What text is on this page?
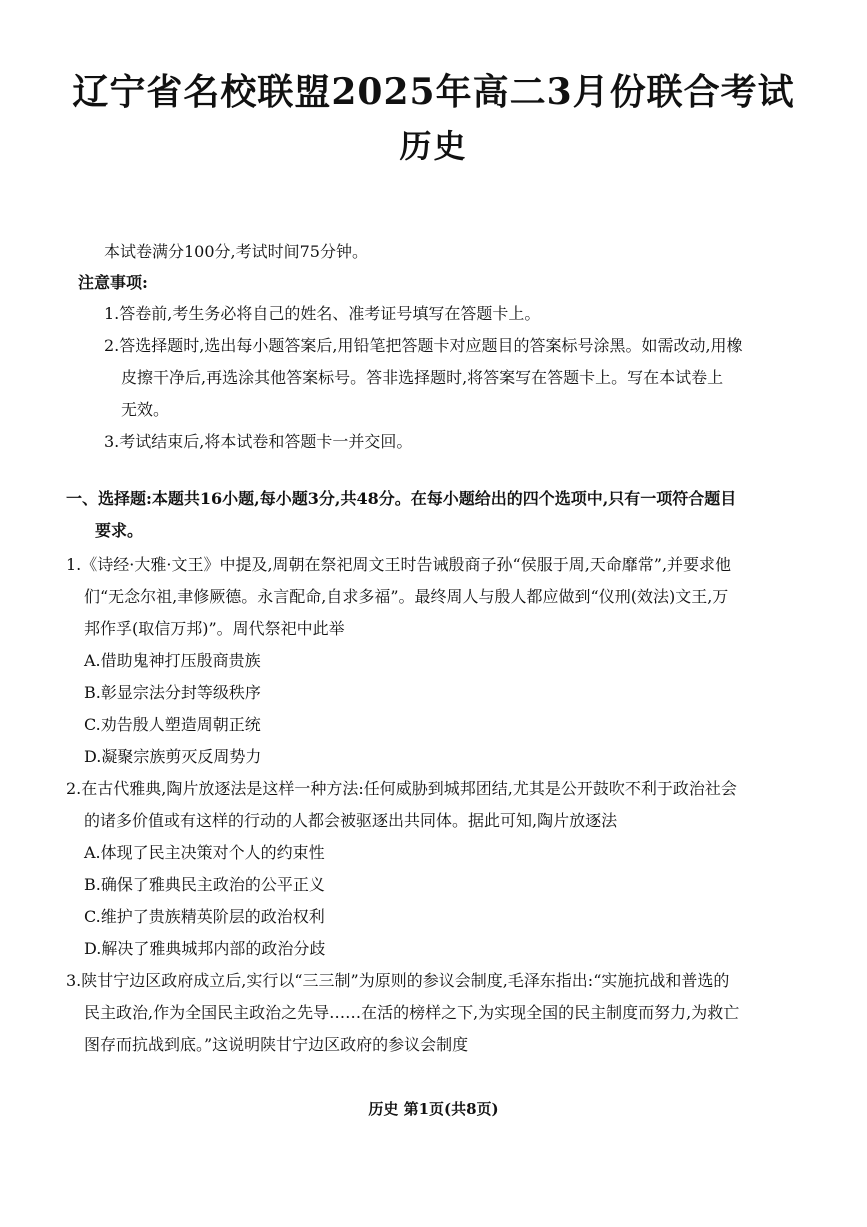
辽宁省名校联盟2025年高二3月份联合考试
历史
本试卷满分100分,考试时间75分钟。
注意事项:
1.答卷前,考生务必将自己的姓名、准考证号填写在答题卡上。
2.答选择题时,选出每小题答案后,用铅笔把答题卡对应题目的答案标号涂黑。如需改动,用橡
皮擦干净后,再选涂其他答案标号。答非选择题时,将答案写在答题卡上。写在本试卷上
无效。
3.考试结束后,将本试卷和答题卡一并交回。
一、选择题:本题共16小题,每小题3分,共48分。在每小题给出的四个选项中,只有一项符合题目
要求。
1.《诗经·大雅·文王》中提及,周朝在祭祀周文王时告诫殷商子孙“侯服于周,天命靡常”,并要求他
们“无念尔祖,聿修厥德。永言配命,自求多福”。最终周人与殷人都应做到“仪刑(效法)文王,万
邦作孚(取信万邦)”。周代祭祀中此举
A.借助鬼神打压殷商贵族
B.彰显宗法分封等级秩序
C.劝告殷人塑造周朝正统
D.凝聚宗族剪灭反周势力
2.在古代雅典,陶片放逐法是这样一种方法:任何威胁到城邦团结,尤其是公开鼓吹不利于政治社会
的诸多价值或有这样的行动的人都会被驱逐出共同体。据此可知,陶片放逐法
A.体现了民主决策对个人的约束性
B.确保了雅典民主政治的公平正义
C.维护了贵族精英阶层的政治权利
D.解决了雅典城邦内部的政治分歧
3.陕甘宁边区政府成立后,实行以“三三制”为原则的参议会制度,毛泽东指出:“实施抗战和普选的
民主政治,作为全国民主政治之先导……在活的榜样之下,为实现全国的民主制度而努力,为救亡
图存而抗战到底。”这说明陕甘宁边区政府的参议会制度
历史 第1页(共8页)
